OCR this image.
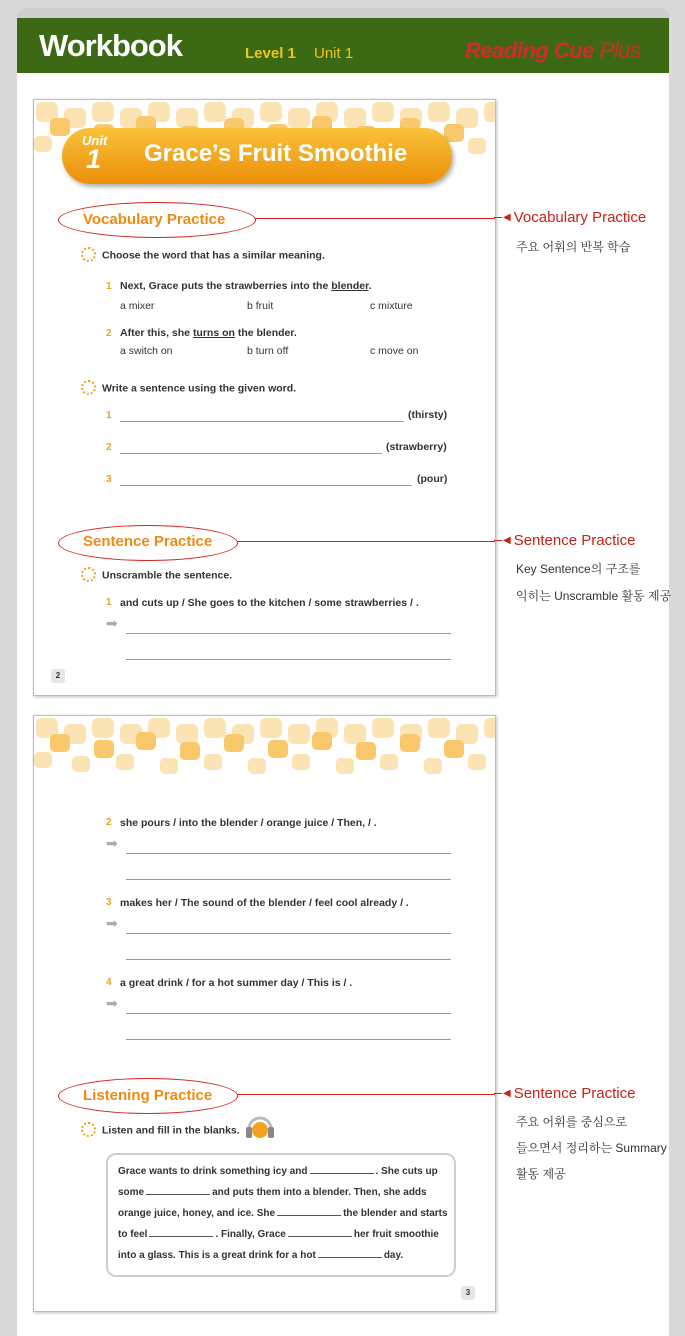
Workbook	Level 1 Unit 1	Reading Cue Plus
Unit
1 Grace’s Fruit Smoothie
Vocabulary Practice
Choose the word that has a similar meaning.
1 Next, Grace puts the strawberries into the blender.
a mixer	b fruit	c mixture
2 After this, she turns on the blender.
a switch on	b turn off	c move on
Write a sentence using the given word.
1	(thirsty)
2	(strawberry)
3	(pour)
Sentence Practice
Unscramble the sentence.
1 and cuts up / She goes to the kitchen / some strawberries / .
➡
2
2 she pours / into the blender / orange juice / Then, / .
➡
3 makes her / The sound of the blender / feel cool already / .
➡
4 a great drink / for a hot summer day / This is / .
➡
Listening Practice
Listen and fill in the blanks.
Grace wants to drink something icy and	. She cuts up
some	and puts them into a blender. Then, she adds
orange juice, honey, and ice. She	the blender and starts
to feel	. Finally, Grace	her fruit smoothie
into a glass. This is a great drink for a hot	day.
3
◀ Vocabulary Practice
주요 어휘의 반복 학습
◀ Sentence Practice
Key Sentence의 구조를
익히는 Unscramble 활동 제공
◀ Sentence Practice
주요 어휘를 중심으로
들으면서 정리하는 Summary
활동 제공
